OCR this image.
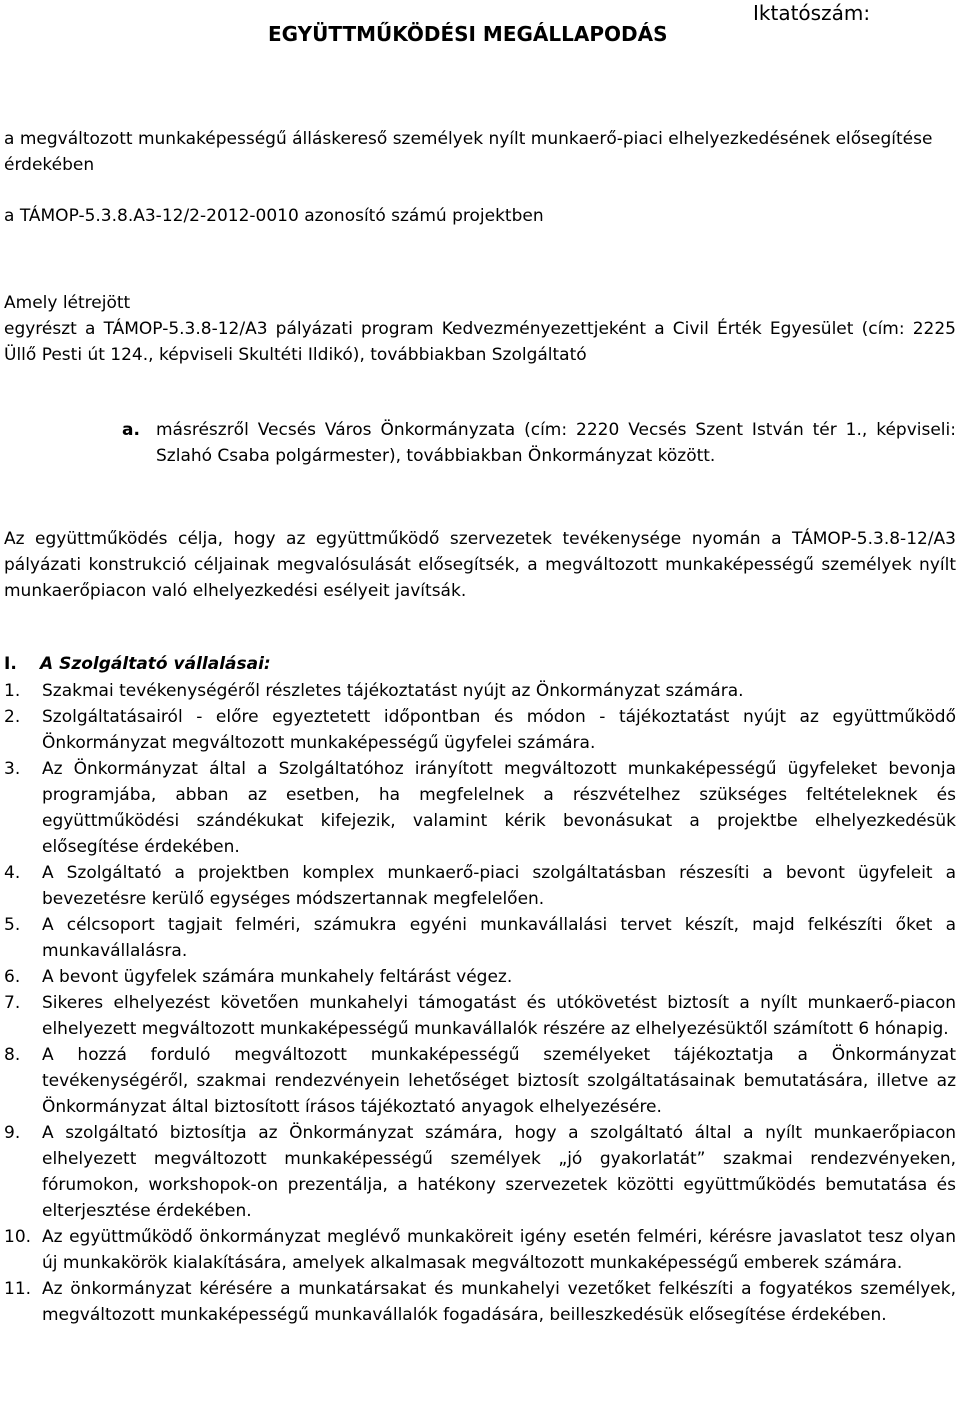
EGYÜTTMŰKÖDÉSI MEGÁLLAPODÁS
Iktatószám:

a megváltozott munkaképességű álláskereső személyek nyílt munkaerő-piaci elhelyezkedésének elősegítése érdekében

a TÁMOP-5.3.8.A3-12/2-2012-0010 azonosító számú projektben

Amely létrejött

egyrészt a TÁMOP-5.3.8-12/A3 pályázati program Kedvezményezettjeként a Civil Érték Egyesület (cím: 2225 Üllő Pesti út 124., képviseli Skultéti Ildikó), továbbiakban Szolgáltató

a. másrészről Vecsés Város Önkormányzata (cím: 2220 Vecsés Szent István tér 1., képviseli: Szlahó Csaba polgármester), továbbiakban Önkormányzat között.

Az együttműködés célja, hogy az együttműködő szervezetek tevékenysége nyomán a TÁMOP-5.3.8-12/A3 pályázati konstrukció céljainak megvalósulását elősegítsék, a megváltozott munkaképességű személyek nyílt munkaerőpiacon való elhelyezkedési esélyeit javítsák.

I. A Szolgáltató vállalásai:
1. Szakmai tevékenységéről részletes tájékoztatást nyújt az Önkormányzat számára.
2. Szolgáltatásairól - előre egyeztetett időpontban és módon - tájékoztatást nyújt az együttműködő Önkormányzat megváltozott munkaképességű ügyfelei számára.
3. Az Önkormányzat által a Szolgáltatóhoz irányított megváltozott munkaképességű ügyfeleket bevonja programjába, abban az esetben, ha megfelelnek a részvételhez szükséges feltételeknek és együttműködési szándékukat kifejezik, valamint kérik bevonásukat a projektbe elhelyezkedésük elősegítése érdekében.
4. A Szolgáltató a projektben komplex munkaerő-piaci szolgáltatásban részesíti a bevont ügyfeleit a bevezetésre kerülő egységes módszertannak megfelelően.
5. A célcsoport tagjait felméri, számukra egyéni munkavállalási tervet készít, majd felkészíti őket a munkavállalásra.
6. A bevont ügyfelek számára munkahely feltárást végez.
7. Sikeres elhelyezést követően munkahelyi támogatást és utókövetést biztosít a nyílt munkaerő-piacon elhelyezett megváltozott munkaképességű munkavállalók részére az elhelyezésüktől számított 6 hónapig.
8. A hozzá forduló megváltozott munkaképességű személyeket tájékoztatja a Önkormányzat tevékenységéről, szakmai rendezvényein lehetőséget biztosít szolgáltatásainak bemutatására, illetve az Önkormányzat által biztosított írásos tájékoztató anyagok elhelyezésére.
9. A szolgáltató biztosítja az Önkormányzat számára, hogy a szolgáltató által a nyílt munkaerőpiacon elhelyezett megváltozott munkaképességű személyek „jó gyakorlatát” szakmai rendezvényeken, fórumokon, workshopok-on prezentálja, a hatékony szervezetek közötti együttműködés bemutatása és elterjesztése érdekében.
10. Az együttműködő önkormányzat meglévő munkaköreit igény esetén felméri, kérésre javaslatot tesz olyan új munkakörök kialakítására, amelyek alkalmasak megváltozott munkaképességű emberek számára.
11. Az önkormányzat kérésére a munkatársakat és munkahelyi vezetőket felkészíti a fogyatékos személyek, megváltozott munkaképességű munkavállalók fogadására, beilleszkedésük elősegítése érdekében.
